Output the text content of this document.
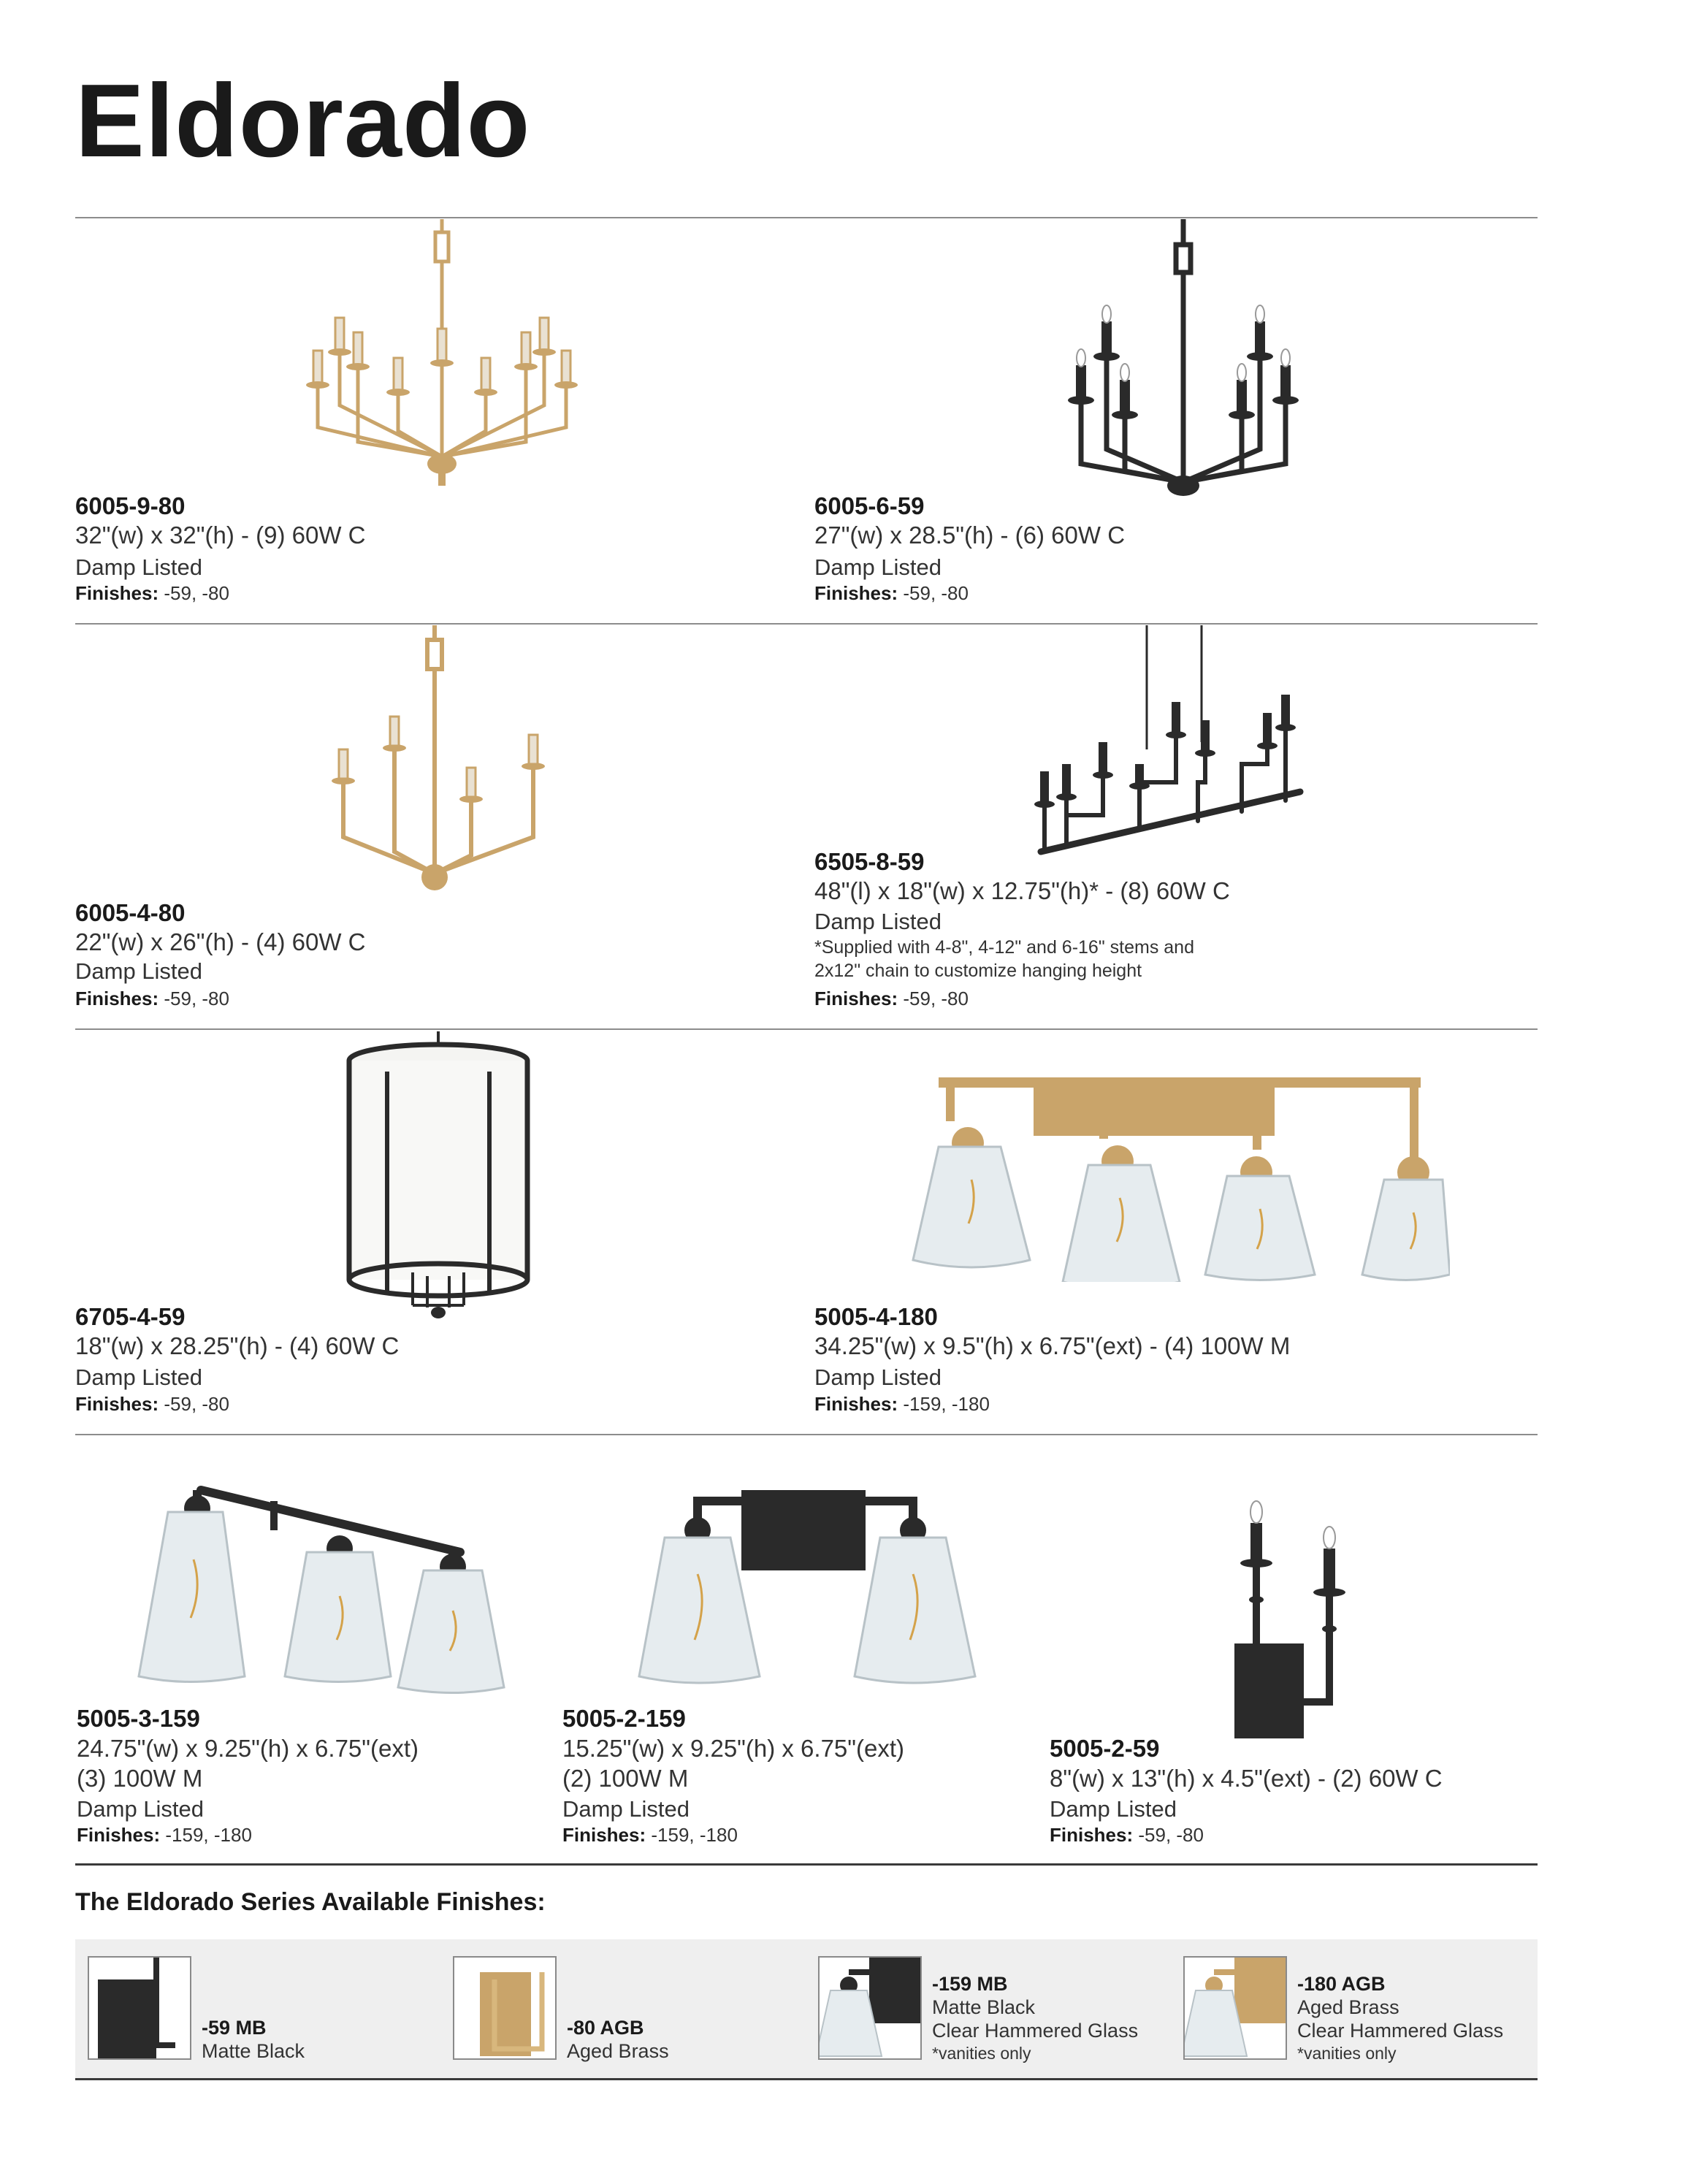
Eldorado
6005-9-80
32"(w) x 32"(h) - (9) 60W C
Damp Listed
Finishes: -59, -80
6005-6-59
27"(w) x 28.5"(h) - (6) 60W C
Damp Listed
Finishes: -59, -80
6005-4-80
22"(w) x 26"(h) - (4) 60W C
Damp Listed
Finishes: -59, -80
6505-8-59
48"(l) x 18"(w) x 12.75"(h)* - (8) 60W C
Damp Listed
*Supplied with 4-8", 4-12" and 6-16" stems and
2x12" chain to customize hanging height
Finishes: -59, -80
6705-4-59
18"(w) x 28.25"(h) - (4) 60W C
Damp Listed
Finishes: -59, -80
5005-4-180
34.25"(w) x 9.5"(h) x 6.75"(ext) - (4) 100W M
Damp Listed
Finishes: -159, -180
5005-3-159
24.75"(w) x 9.25"(h) x 6.75"(ext)
(3) 100W M
Damp Listed
Finishes: -159, -180
5005-2-159
15.25"(w) x 9.25"(h) x 6.75"(ext)
(2) 100W M
Damp Listed
Finishes: -159, -180
5005-2-59
8"(w) x 13"(h) x 4.5"(ext) - (2) 60W C
Damp Listed
Finishes: -59, -80
The Eldorado Series Available Finishes:
-59 MB
Matte Black
-80 AGB
Aged Brass
-159 MB
Matte Black
Clear Hammered Glass
*vanities only
-180 AGB
Aged Brass
Clear Hammered Glass
*vanities only
